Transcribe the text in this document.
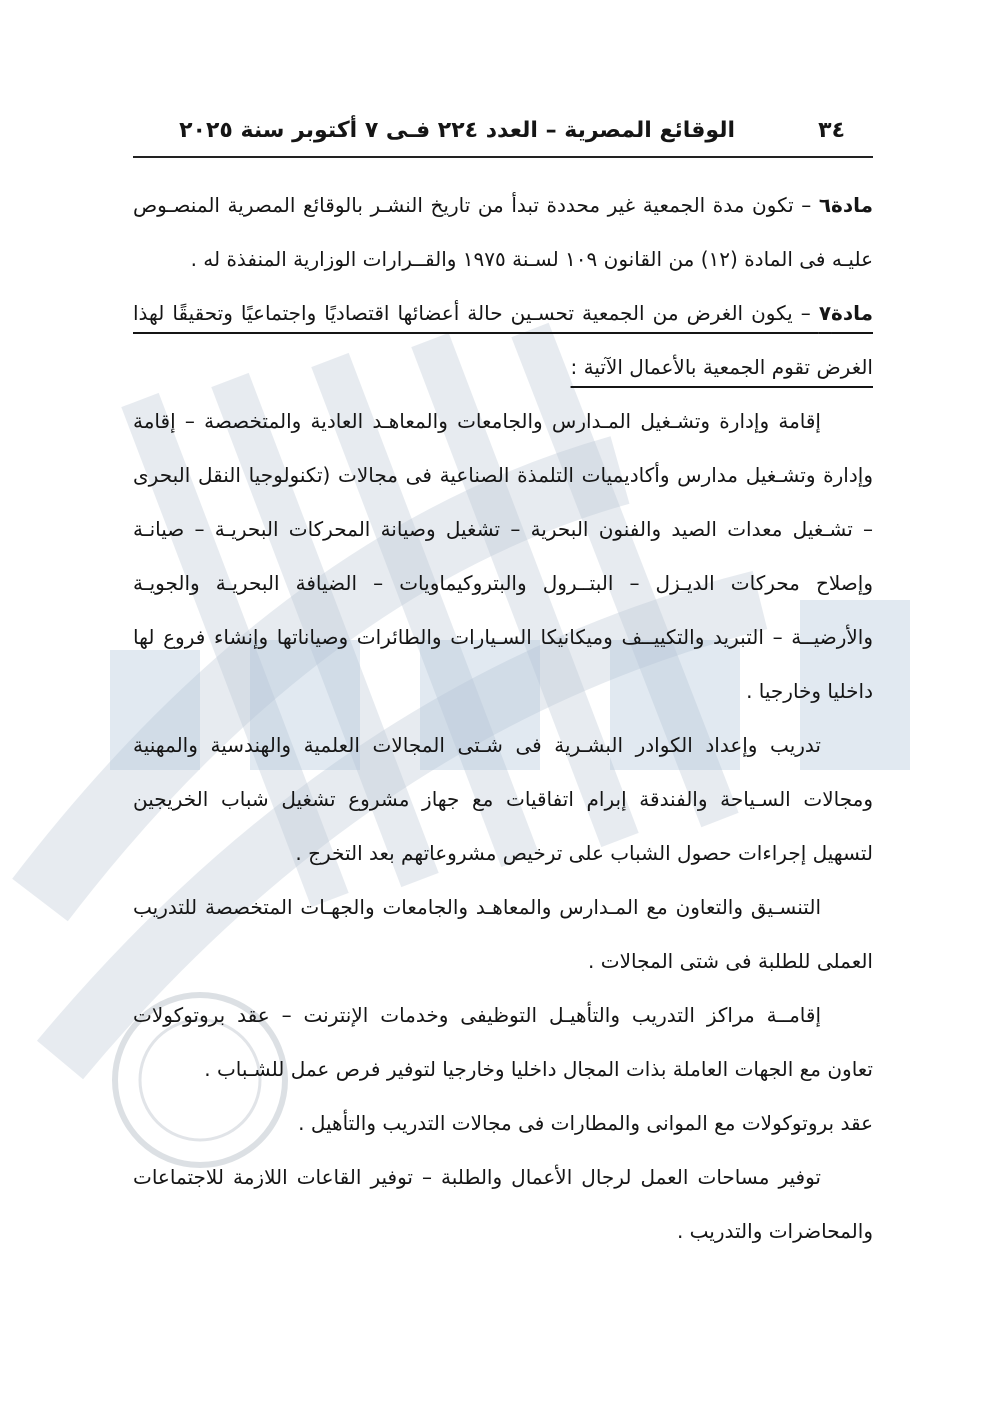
٣٤
الوقائع المصرية – العدد ٢٢٤ فـى ٧ أكتوبر سنة ٢٠٢٥

مادة٦ – تكون مدة الجمعية غير محددة تبدأ من تاريخ النشـر بالوقائع المصرية المنصـوص عليـه فى المادة (١٢) من القانون ١٠٩ لسـنة ١٩٧٥ والقــرارات الوزارية المنفذة له .

مادة٧ – يكون الغرض من الجمعية تحسـين حالة أعضائها اقتصاديًا واجتماعيًا وتحقيقًا لهذا الغرض تقوم الجمعية بالأعمال الآتية :

إقامة وإدارة وتشـغيل المـدارس والجامعات والمعاهـد العادية والمتخصصة – إقامة وإدارة وتشـغيل مدارس وأكاديميات التلمذة الصناعية فى مجالات (تكنولوجيا النقل البحرى – تشـغيل معدات الصيد والفنون البحرية – تشغيل وصيانة المحركات البحريـة – صيانـة وإصلاح محركات الديـزل – البتــرول والبتروكيماويات – الضيافة البحريـة والجويـة والأرضيــة – التبريد والتكييــف وميكانيكا السـيارات والطائرات وصياناتها وإنشاء فروع لها داخليا وخارجيا .

تدريب وإعداد الكوادر البشـرية فى شـتى المجالات العلمية والهندسية والمهنية ومجالات السـياحة والفندقة إبرام اتفاقيات مع جهاز مشروع تشغيل شباب الخريجين لتسهيل إجراءات حصول الشباب على ترخيص مشروعاتهم بعد التخرج .

التنسـيق والتعاون مع المـدارس والمعاهـد والجامعات والجهـات المتخصصة للتدريب العملى للطلبة فى شتى المجالات .

إقامــة مراكز التدريب والتأهيـل التوظيفى وخدمات الإنترنت – عقد بروتوكولات تعاون مع الجهات العاملة بذات المجال داخليا وخارجيا لتوفير فرص عمل للشـباب .

عقد بروتوكولات مع الموانى والمطارات فى مجالات التدريب والتأهيل .

توفير مساحات العمل لرجال الأعمال والطلبة – توفير القاعات اللازمة للاجتماعات والمحاضرات والتدريب .
